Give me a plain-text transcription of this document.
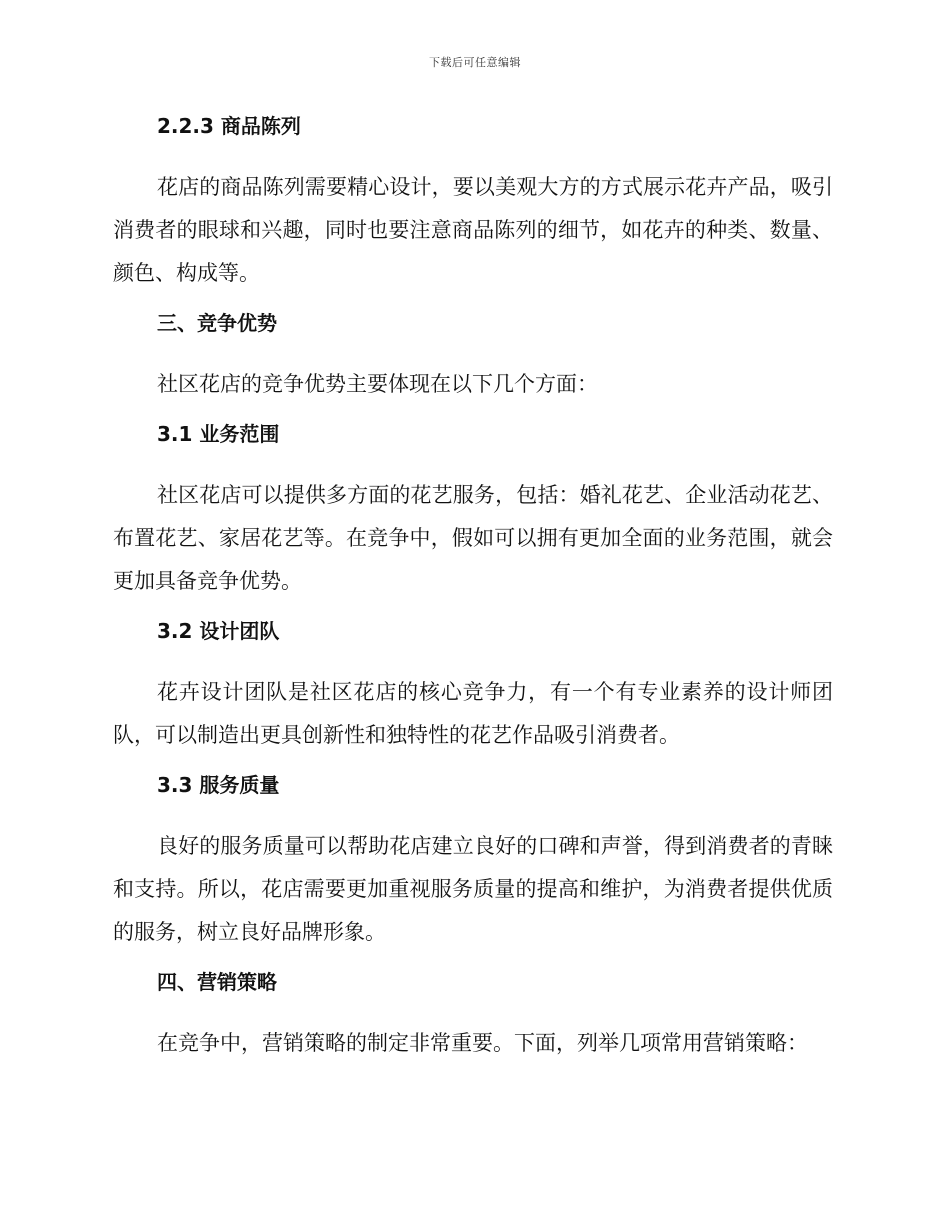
下载后可任意编辑
2.2.3 商品陈列

花店的商品陈列需要精心设计，要以美观大方的方式展示花卉产品，吸引消费者的眼球和兴趣，同时也要注意商品陈列的细节，如花卉的种类、数量、颜色、构成等。

三、竞争优势

社区花店的竞争优势主要体现在以下几个方面：

3.1 业务范围

社区花店可以提供多方面的花艺服务，包括：婚礼花艺、企业活动花艺、布置花艺、家居花艺等。在竞争中，假如可以拥有更加全面的业务范围，就会更加具备竞争优势。

3.2 设计团队

花卉设计团队是社区花店的核心竞争力，有一个有专业素养的设计师团队，可以制造出更具创新性和独特性的花艺作品吸引消费者。

3.3 服务质量

良好的服务质量可以帮助花店建立良好的口碑和声誉，得到消费者的青睐和支持。所以，花店需要更加重视服务质量的提高和维护，为消费者提供优质的服务，树立良好品牌形象。

四、营销策略

在竞争中，营销策略的制定非常重要。下面，列举几项常用营销策略：
